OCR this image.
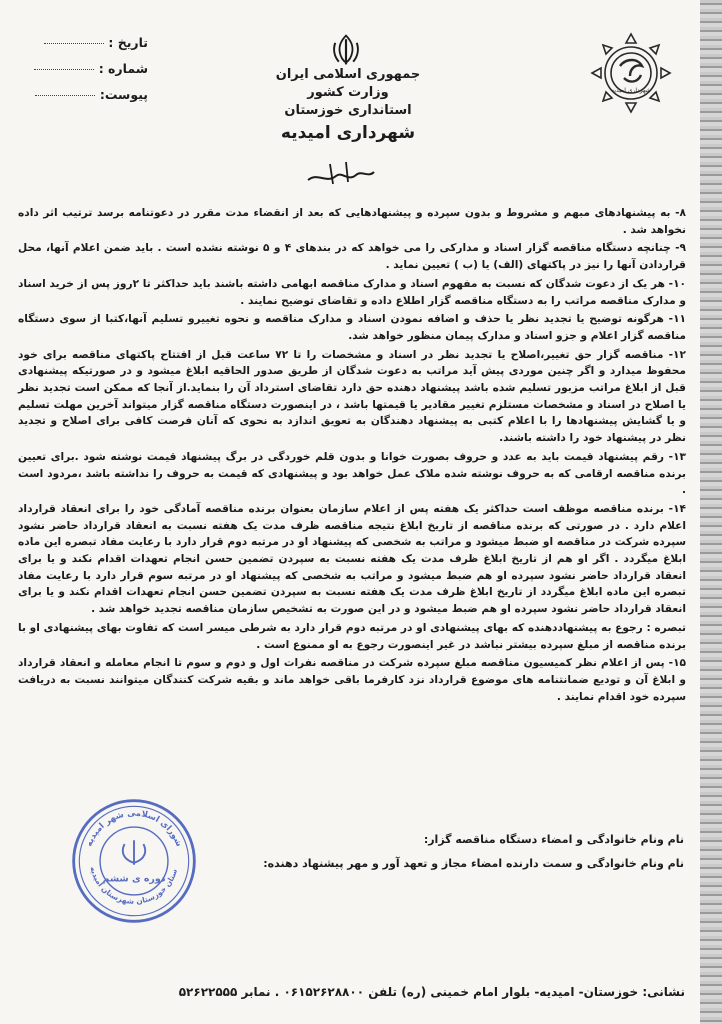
تاریخ :
شماره :
پیوست:
جمهوری اسلامی ایران
وزارت کشور
استانداری خوزستان
شهرداری امیدیه
شهرداری امیدیه

۸- به پیشنهادهای مبهم و مشروط و بدون سپرده و پیشنهادهایی که بعد از انقضاء مدت مقرر در دعوتنامه برسد ترتیب اثر داده نخواهد شد .

۹- چنانچه دستگاه مناقصه گزار اسناد و مدارکی را می خواهد که در بندهای ۴ و ۵ نوشته نشده است . باید ضمن اعلام آنها، محل قراردادن آنها را نیز در پاکتهای (الف) یا (ب ) تعیین نماید .

۱۰- هر یک از دعوت شدگان که نسبت به مفهوم اسناد و مدارک مناقصه ابهامی داشته باشند باید حداکثر تا ۲روز پس از خرید اسناد و مدارک مناقصه مراتب را به دستگاه مناقصه گزار اطلاع داده و تقاضای توضیح نمایند .

۱۱- هرگونه توضیح یا تجدید نظر یا حذف و اضافه نمودن اسناد و مدارک مناقصه و نحوه تغییرو تسلیم آنها،کتبا از سوی دستگاه مناقصه گزار اعلام و جزو اسناد و مدارک پیمان منظور خواهد شد.

۱۲- مناقصه گزار حق تغییر،اصلاح یا تجدید نظر در اسناد و مشخصات را تا ۷۲ ساعت قبل از افتتاح پاکتهای مناقصه برای خود محفوظ میدارد و اگر چنین موردی پیش آید مراتب به دعوت شدگان از طریق صدور الحاقیه ابلاغ میشود و در صورتیکه پیشنهادی قبل از ابلاغ مراتب مزبور تسلیم شده باشد پیشنهاد دهنده حق دارد تقاضای استرداد آن را بنماید.از آنجا که ممکن است تجدید نظر یا اصلاح در اسناد و مشخصات مستلزم تغییر مقادیر یا قیمتها باشد ، در اینصورت دستگاه مناقصه گزار میتواند آخرین مهلت تسلیم و یا گشایش پیشنهادها را با اعلام کتبی به پیشنهاد دهندگان به تعویق اندازد به نحوی که آنان فرصت کافی برای اصلاح و تجدید نظر در پیشنهاد خود را داشته باشند.

۱۳- رقم پیشنهاد قیمت باید به عدد و حروف بصورت خوانا و بدون قلم خوردگی در برگ پیشنهاد قیمت نوشته شود .برای تعیین برنده مناقصه ارقامی که به حروف نوشته شده ملاک عمل خواهد بود و پیشنهادی که قیمت به حروف را نداشته باشد ،مردود است .

۱۴- برنده مناقصه موظف است حداکثر یک هفته پس از اعلام سازمان بعنوان برنده مناقصه آمادگی خود را برای انعقاد قرارداد اعلام دارد . در صورتی که برنده مناقصه از تاریخ ابلاغ نتیجه مناقصه ظرف مدت یک هفته نسبت به انعقاد قرارداد حاضر نشود سپرده شرکت در مناقصه او ضبط میشود و مراتب به شخصی که پیشنهاد او در مرتبه دوم قرار دارد با رعایت مفاد تبصره این ماده ابلاغ میگردد . اگر او هم از تاریخ ابلاغ ظرف مدت یک هفته نسبت به سپردن تضمین حسن انجام تعهدات اقدام نکند و یا برای انعقاد قرارداد حاضر نشود سپرده او هم ضبط میشود و مراتب به شخصی که پیشنهاد او در مرتبه سوم قرار دارد با رعایت مفاد تبصره این ماده ابلاغ میگردد از تاریخ ابلاغ ظرف مدت یک هفته نسبت به سپردن تضمین حسن انجام تعهدات اقدام نکند و یا برای انعقاد قرارداد حاضر نشود سپرده او هم ضبط میشود و در این صورت به تشخیص سازمان مناقصه تجدید خواهد شد .

تبصره : رجوع به پیشنهاددهنده که بهای پیشنهادی او در مرتبه دوم قرار دارد به شرطی میسر است که تفاوت بهای پیشنهادی او با برنده مناقصه از مبلغ سپرده بیشتر نباشد در غیر اینصورت رجوع به او ممنوع است .

۱۵- پس از اعلام نظر کمیسیون مناقصه مبلغ سپرده شرکت در مناقصه نفرات اول و دوم و سوم تا انجام معامله و انعقاد قرارداد و ابلاغ آن و تودیع ضمانتنامه های موضوع قرارداد نزد کارفرما باقی خواهد ماند و بقیه شرکت کنندگان میتوانند نسبت به دریافت سپرده خود اقدام نمایند .

نام ونام خانوادگی و امضاء دستگاه مناقصه گزار:
نام ونام خانوادگی و سمت دارنده امضاء مجاز و تعهد آور و مهر پیشنهاد دهنده:
شورای اسلامی شهر امیدیه
ستان خوزستان شهرستان امیدیه
دوره ی ششم
نشانی: خوزستان- امیدیه- بلوار امام خمینی (ره) تلفن ۰۶۱۵۲۶۲۸۸۰۰ . نمابر ۵۲۶۲۲۵۵۵
